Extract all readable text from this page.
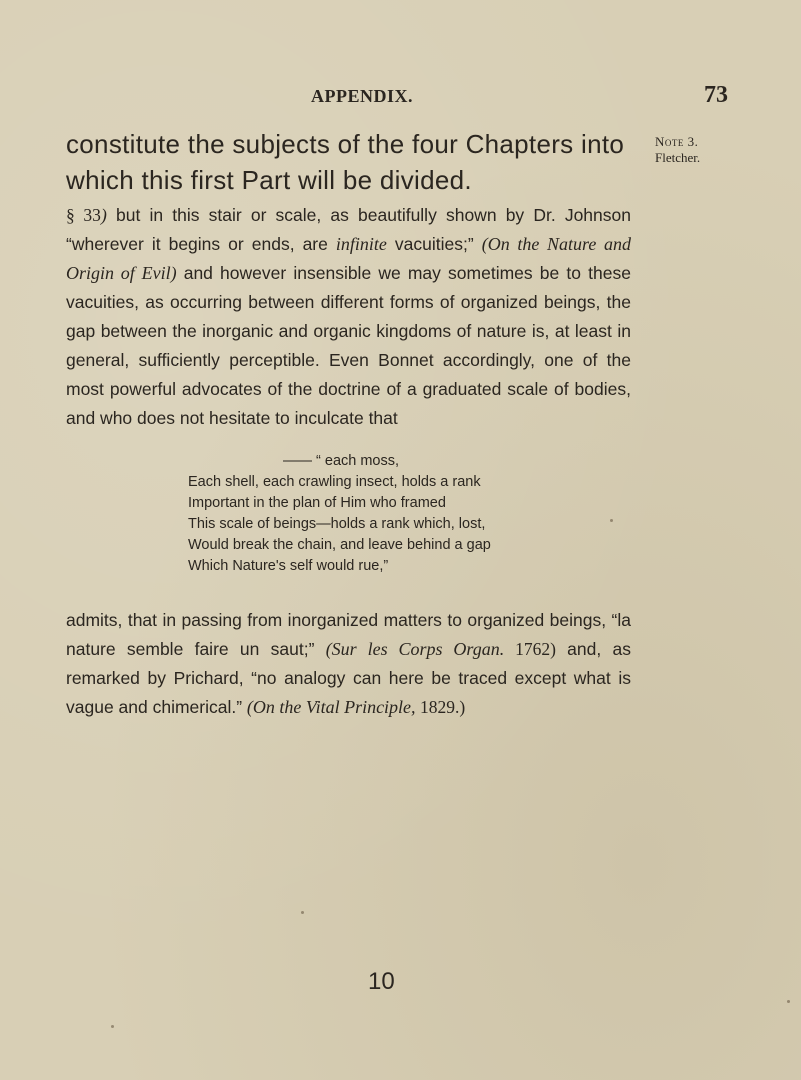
APPENDIX.	73
Note 3.
Fletcher.

constitute the subjects of the four Chapters into which this first Part will be divided.

§ 33) but in this stair or scale, as beautifully shown by Dr. Johnson “wherever it begins or ends, are infinite vacuities;” (On the Nature and Origin of Evil) and however insensible we may sometimes be to these vacuities, as occurring between different forms of organized beings, the gap between the inorganic and organic kingdoms of nature is, at least in general, sufficiently perceptible. Even Bonnet accordingly, one of the most powerful advocates of the doctrine of a graduated scale of bodies, and who does not hesitate to inculcate that

—— “ each moss,
Each shell, each crawling insect, holds a rank
Important in the plan of Him who framed
This scale of beings—holds a rank which, lost,
Would break the chain, and leave behind a gap
Which Nature's self would rue,”

admits, that in passing from inorganized matters to organized beings, “la nature semble faire un saut;” (Sur les Corps Organ. 1762) and, as remarked by Prichard, “no analogy can here be traced except what is vague and chimerical.” (On the Vital Principle, 1829.)

10
